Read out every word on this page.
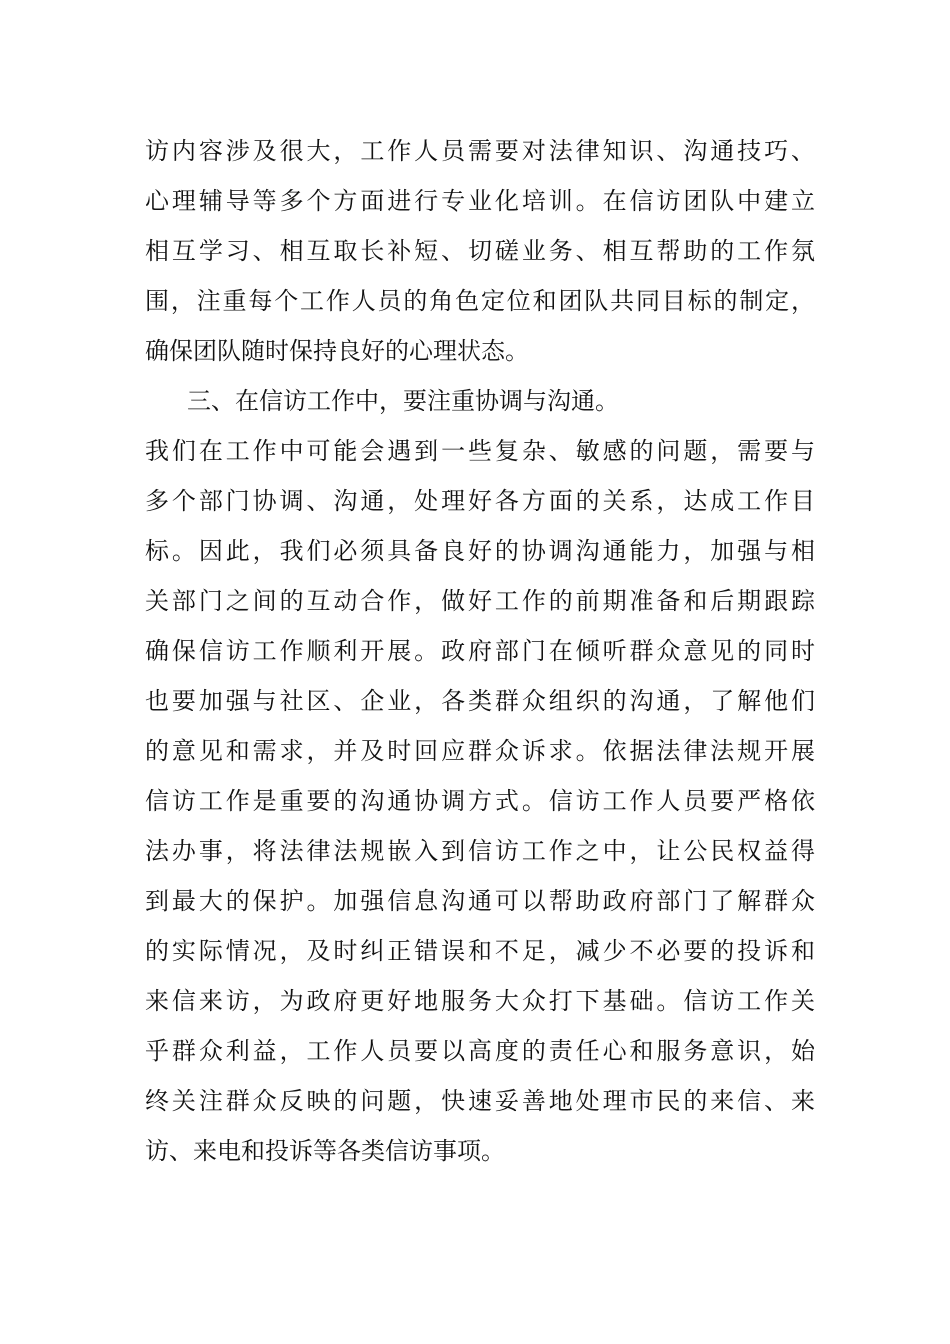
访内容涉及很大，工作人员需要对法律知识、沟通技巧、
心理辅导等多个方面进行专业化培训。在信访团队中建立
相互学习、相互取长补短、切磋业务、相互帮助的工作氛
围，注重每个工作人员的角色定位和团队共同目标的制定，
确保团队随时保持良好的心理状态。
三、在信访工作中，要注重协调与沟通。
我们在工作中可能会遇到一些复杂、敏感的问题，需要与
多个部门协调、沟通，处理好各方面的关系，达成工作目
标。因此，我们必须具备良好的协调沟通能力，加强与相
关部门之间的互动合作，做好工作的前期准备和后期跟踪
确保信访工作顺利开展。政府部门在倾听群众意见的同时
也要加强与社区、企业，各类群众组织的沟通，了解他们
的意见和需求，并及时回应群众诉求。依据法律法规开展
信访工作是重要的沟通协调方式。信访工作人员要严格依
法办事，将法律法规嵌入到信访工作之中，让公民权益得
到最大的保护。加强信息沟通可以帮助政府部门了解群众
的实际情况，及时纠正错误和不足，减少不必要的投诉和
来信来访，为政府更好地服务大众打下基础。信访工作关
乎群众利益，工作人员要以高度的责任心和服务意识，始
终关注群众反映的问题，快速妥善地处理市民的来信、来
访、来电和投诉等各类信访事项。
